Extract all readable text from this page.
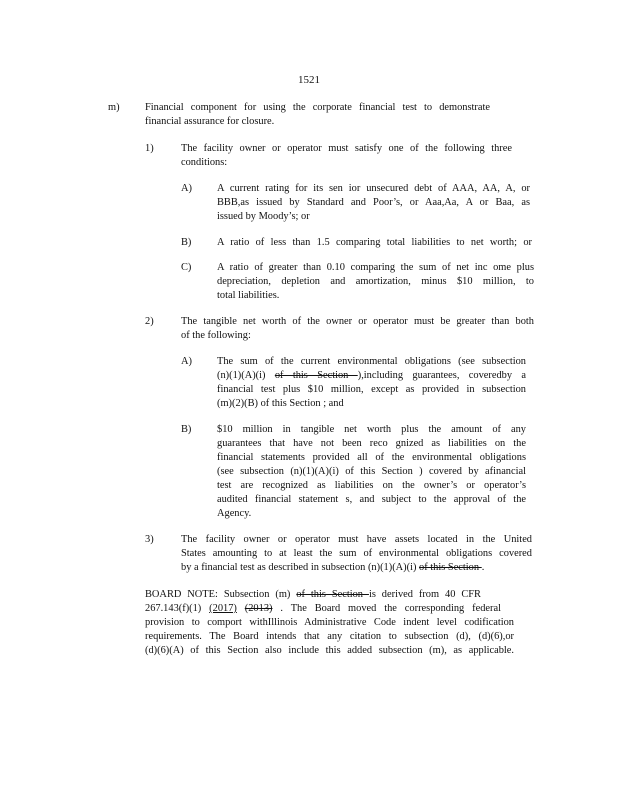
1521
m) Financial component for using the corporate financial test to demonstrate
financial assurance for closure.
1)	The facility owner or operator must satisfy one of the following three
conditions:
A) A current rating for its sen ior unsecured debt of AAA, AA, A, or
BBB,as issued by Standard and Poor’s, or Aaa,Aa, A or Baa, as
issued by Moody’s; or
B) A ratio of less than 1.5 comparing total liabilities to net worth; or
C) A ratio of greater than 0.10 comparing the sum of net inc ome plus
depreciation, depletion and amortization, minus $10 million, to
total liabilities.
2)	The tangible net worth of the owner or operator must be greater than both
of the following:
A) The sum of the current environmental obligations (see subsection
(n)(1)(A)(i) of this Section ),including guarantees, coveredby a
financial test plus $10 million, except as provided in subsection
(m)(2)(B) of this Section ; and
B) $10 million in tangible net worth plus the amount of any
guarantees that have not been reco gnized as liabilities on the
financial statements provided all of the environmental obligations
(see subsection (n)(1)(A)(i) of this Section ) covered by afinancial
test are recognized as liabilities on the owner’s or operator’s
audited financial statement s, and subject to the approval of the
Agency.
3)	The facility owner or operator must have assets located in the United
States amounting to at least the sum of environmental obligations covered
by a financial test as described in subsection (n)(1)(A)(i) of this Section .
BOARD NOTE: Subsection (m) of this Section is derived from 40 CFR
267.143(f)(1) (2017) (2013) . The Board moved the corresponding federal
provision to comport withIllinois Administrative Code indent level codification
requirements. The Board intends that any citation to subsection (d), (d)(6),or
(d)(6)(A) of this Section also include this added subsection (m), as applicable.
